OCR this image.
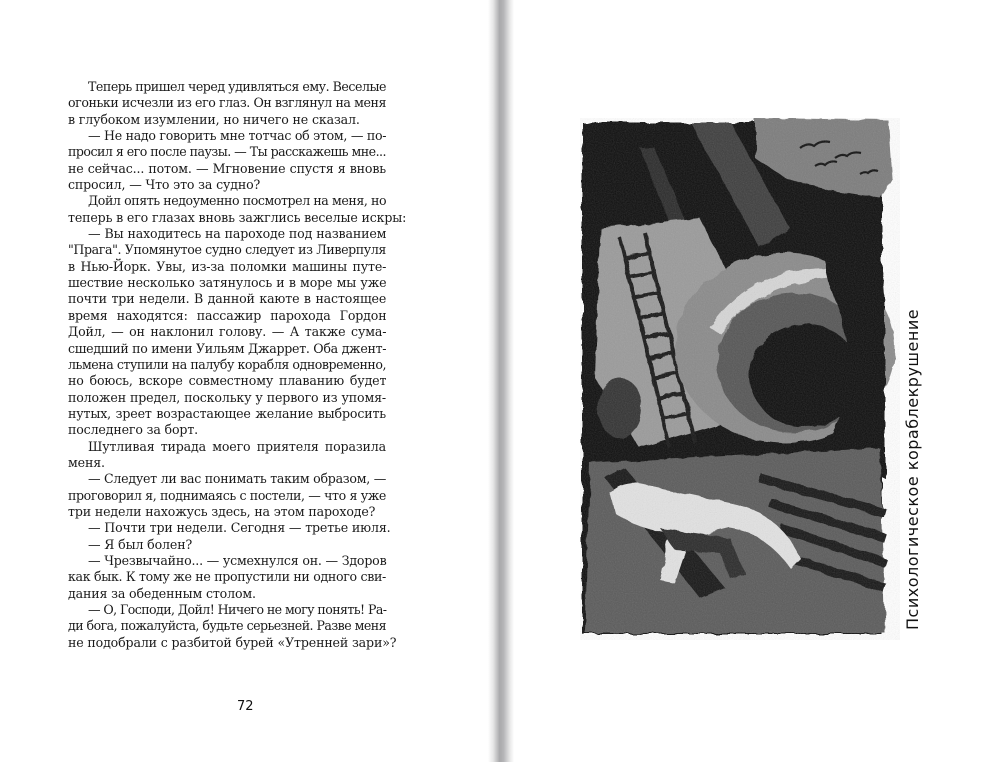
Теперь пришел черед удивляться ему. Веселые
огоньки исчезли из его глаз. Он взглянул на меня
в глубоком изумлении, но ничего не сказал.
— Не надо говорить мне тотчас об этом, — по-
просил я его после паузы. — Ты расскажешь мне...
не сейчас... потом. — Мгновение спустя я вновь
спросил, — Что это за судно?
Дойл опять недоуменно посмотрел на меня, но
теперь в его глазах вновь зажглись веселые искры:
— Вы находитесь на пароходе под названием
"Прага". Упомянутое судно следует из Ливерпуля
в Нью-Йорк. Увы, из-за поломки машины путе-
шествие несколько затянулось и в море мы уже
почти три недели. В данной каюте в настоящее
время находятся: пассажир парохода Гордон
Дойл, — он наклонил голову. — А также сума-
сшедший по имени Уильям Джаррет. Оба джент-
льмена ступили на палубу корабля одновременно,
но боюсь, вскоре совместному плаванию будет
положен предел, поскольку у первого из упомя-
нутых, зреет возрастающее желание выбросить
последнего за борт.
Шутливая тирада моего приятеля поразила
меня.
— Следует ли вас понимать таким образом, —
проговорил я, поднимаясь с постели, — что я уже
три недели нахожусь здесь, на этом пароходе?
— Почти три недели. Сегодня — третье июля.
— Я был болен?
— Чрезвычайно... — усмехнулся он. — Здоров
как бык. К тому же не пропустили ни одного сви-
дания за обеденным столом.
— О, Господи, Дойл! Ничего не могу понять! Ра-
ди бога, пожалуйста, будьте серьезней. Разве меня
не подобрали с разбитой бурей «Утренней зари»?
72
Психологическое кораблекрушение
